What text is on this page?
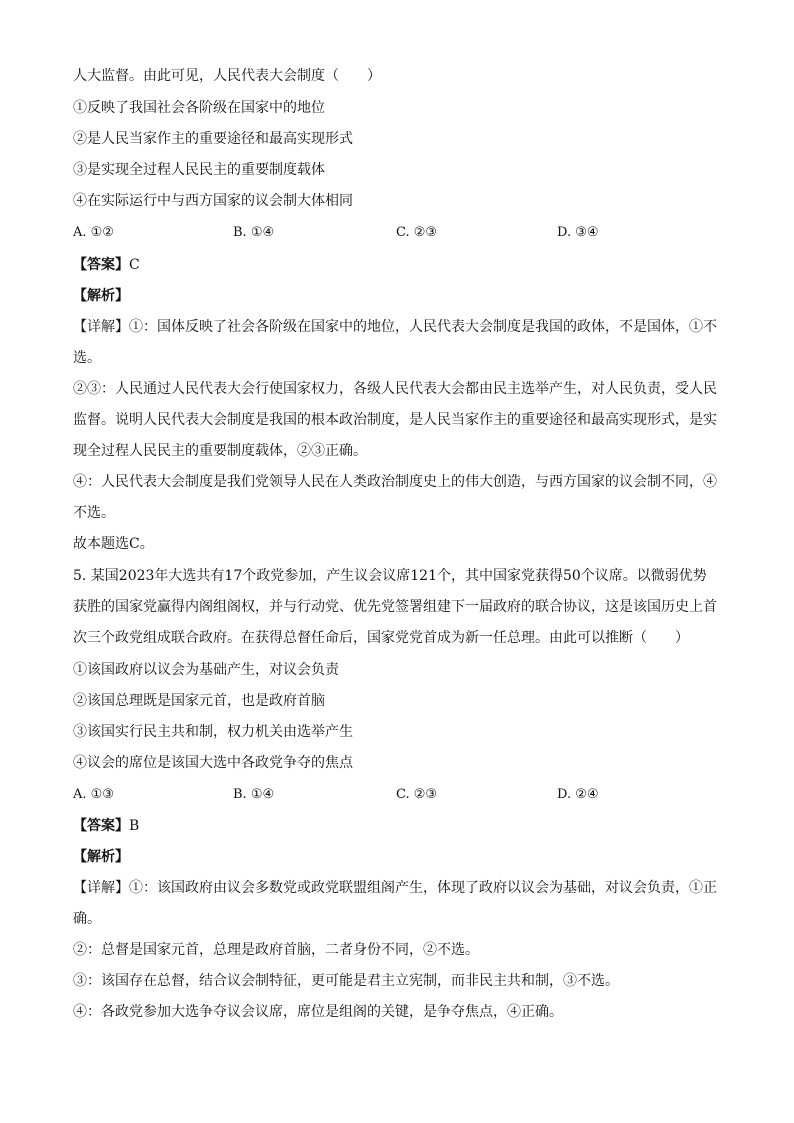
人大监督。由此可见，人民代表大会制度（　　）
①反映了我国社会各阶级在国家中的地位
②是人民当家作主的重要途径和最高实现形式
③是实现全过程人民民主的重要制度载体
④在实际运行中与西方国家的议会制大体相同
A. ①②	B. ①④	C. ②③	D. ③④
【答案】C
【解析】
【详解】①：国体反映了社会各阶级在国家中的地位，人民代表大会制度是我国的政体，不是国体，①不
选。
②③：人民通过人民代表大会行使国家权力，各级人民代表大会都由民主选举产生，对人民负责，受人民
监督。说明人民代表大会制度是我国的根本政治制度，是人民当家作主的重要途径和最高实现形式，是实
现全过程人民民主的重要制度载体，②③正确。
④：人民代表大会制度是我们党领导人民在人类政治制度史上的伟大创造，与西方国家的议会制不同，④
不选。
故本题选C。
5. 某国2023年大选共有17个政党参加，产生议会议席121个，其中国家党获得50个议席。以微弱优势
获胜的国家党赢得内阁组阁权，并与行动党、优先党签署组建下一届政府的联合协议，这是该国历史上首
次三个政党组成联合政府。在获得总督任命后，国家党党首成为新一任总理。由此可以推断（　　）
①该国政府以议会为基础产生，对议会负责
②该国总理既是国家元首，也是政府首脑
③该国实行民主共和制，权力机关由选举产生
④议会的席位是该国大选中各政党争夺的焦点
A. ①③	B. ①④	C. ②③	D. ②④
【答案】B
【解析】
【详解】①：该国政府由议会多数党或政党联盟组阁产生，体现了政府以议会为基础，对议会负责，①正
确。
②：总督是国家元首，总理是政府首脑，二者身份不同，②不选。
③：该国存在总督，结合议会制特征，更可能是君主立宪制，而非民主共和制，③不选。
④：各政党参加大选争夺议会议席，席位是组阁的关键，是争夺焦点，④正确。
